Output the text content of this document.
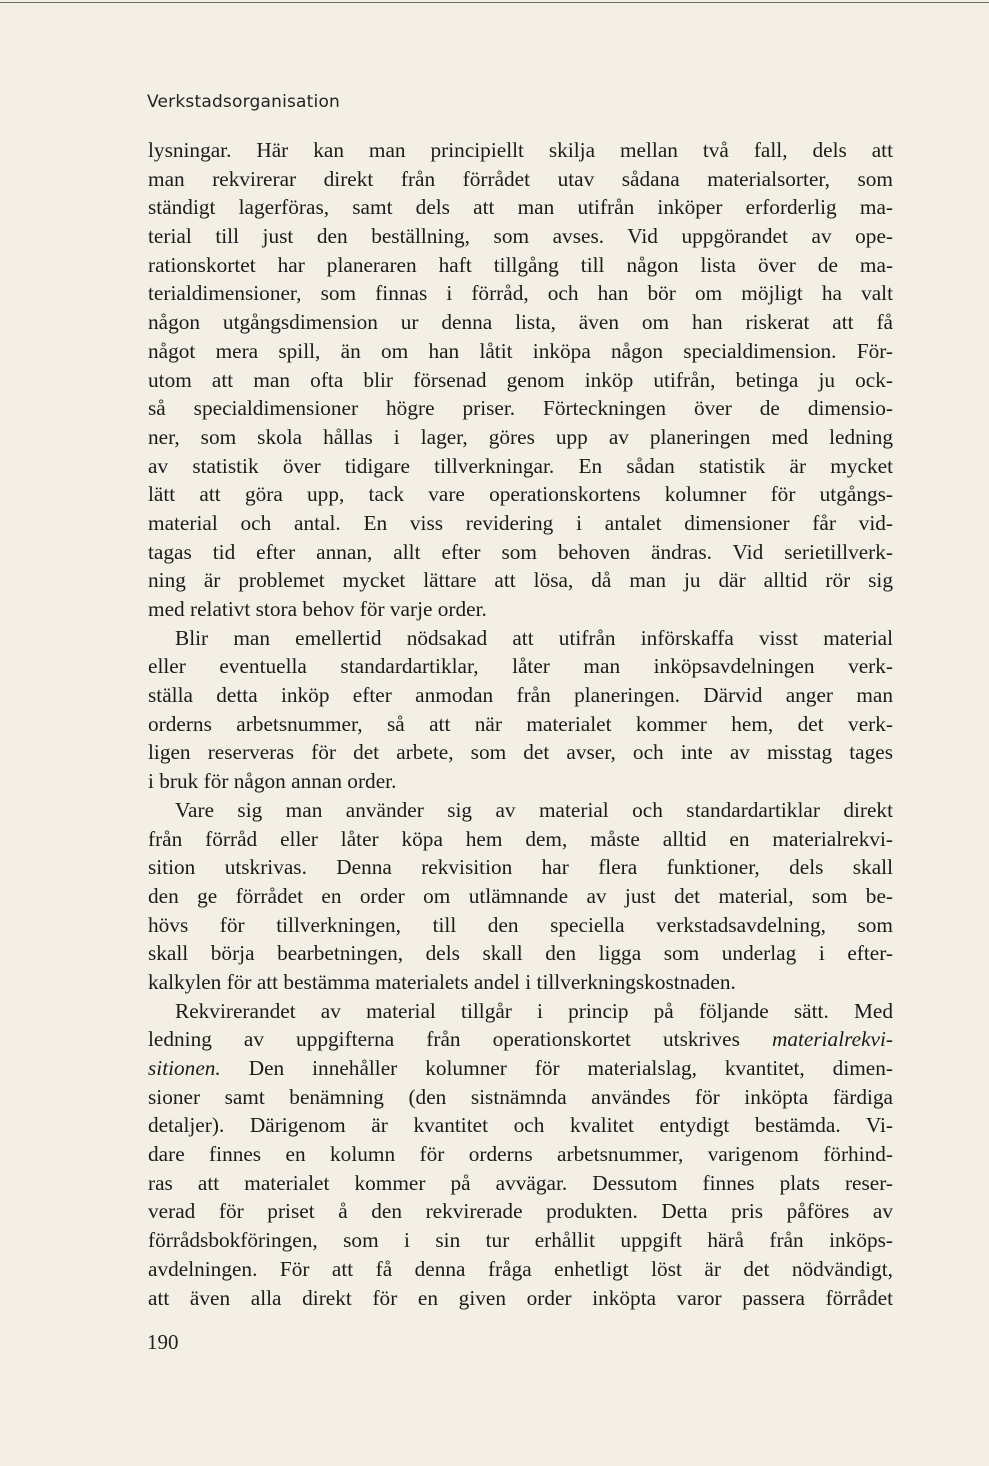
Verkstadsorganisation
lysningar. Här kan man principiellt skilja mellan två fall, dels att
man rekvirerar direkt från förrådet utav sådana materialsorter, som
ständigt lagerföras, samt dels att man utifrån inköper erforderlig ma-
terial till just den beställning, som avses. Vid uppgörandet av ope-
rationskortet har planeraren haft tillgång till någon lista över de ma-
terialdimensioner, som finnas i förråd, och han bör om möjligt ha valt
någon utgångsdimension ur denna lista, även om han riskerat att få
något mera spill, än om han låtit inköpa någon specialdimension. För-
utom att man ofta blir försenad genom inköp utifrån, betinga ju ock-
så specialdimensioner högre priser. Förteckningen över de dimensio-
ner, som skola hållas i lager, göres upp av planeringen med ledning
av statistik över tidigare tillverkningar. En sådan statistik är mycket
lätt att göra upp, tack vare operationskortens kolumner för utgångs-
material och antal. En viss revidering i antalet dimensioner får vid-
tagas tid efter annan, allt efter som behoven ändras. Vid serietillverk-
ning är problemet mycket lättare att lösa, då man ju där alltid rör sig
med relativt stora behov för varje order.
Blir man emellertid nödsakad att utifrån införskaffa visst material
eller eventuella standardartiklar, låter man inköpsavdelningen verk-
ställa detta inköp efter anmodan från planeringen. Därvid anger man
orderns arbetsnummer, så att när materialet kommer hem, det verk-
ligen reserveras för det arbete, som det avser, och inte av misstag tages
i bruk för någon annan order.
Vare sig man använder sig av material och standardartiklar direkt
från förråd eller låter köpa hem dem, måste alltid en materialrekvi-
sition utskrivas. Denna rekvisition har flera funktioner, dels skall
den ge förrådet en order om utlämnande av just det material, som be-
hövs för tillverkningen, till den speciella verkstadsavdelning, som
skall börja bearbetningen, dels skall den ligga som underlag i efter-
kalkylen för att bestämma materialets andel i tillverkningskostnaden.
Rekvirerandet av material tillgår i princip på följande sätt. Med
ledning av uppgifterna från operationskortet utskrives materialrekvi-
sitionen. Den innehåller kolumner för materialslag, kvantitet, dimen-
sioner samt benämning (den sistnämnda användes för inköpta färdiga
detaljer). Därigenom är kvantitet och kvalitet entydigt bestämda. Vi-
dare finnes en kolumn för orderns arbetsnummer, varigenom förhind-
ras att materialet kommer på avvägar. Dessutom finnes plats reser-
verad för priset å den rekvirerade produkten. Detta pris påföres av
förrådsbokföringen, som i sin tur erhållit uppgift härå från inköps-
avdelningen. För att få denna fråga enhetligt löst är det nödvändigt,
att även alla direkt för en given order inköpta varor passera förrådet
190
